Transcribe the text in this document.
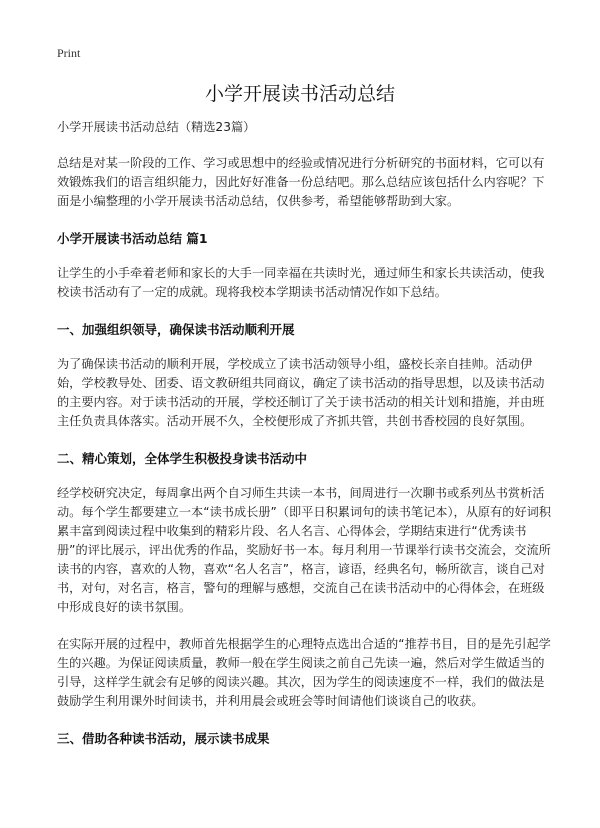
Print
小学开展读书活动总结

小学开展读书活动总结（精选23篇）

总结是对某一阶段的工作、学习或思想中的经验或情况进行分析研究的书面材料，它可以有效锻炼我们的语言组织能力，因此好好准备一份总结吧。那么总结应该包括什么内容呢？下面是小编整理的小学开展读书活动总结，仅供参考，希望能够帮助到大家。

小学开展读书活动总结 篇1

让学生的小手牵着老师和家长的大手一同幸福在共读时光，通过师生和家长共读活动，使我校读书活动有了一定的成就。现将我校本学期读书活动情况作如下总结。

一、加强组织领导，确保读书活动顺利开展

为了确保读书活动的顺利开展，学校成立了读书活动领导小组，盛校长亲自挂帅。活动伊始，学校教导处、团委、语文教研组共同商议，确定了读书活动的指导思想，以及读书活动的主要内容。对于读书活动的开展，学校还制订了关于读书活动的相关计划和措施，并由班主任负责具体落实。活动开展不久，全校便形成了齐抓共管，共创书香校园的良好氛围。

二、精心策划，全体学生积极投身读书活动中

经学校研究决定，每周拿出两个自习师生共读一本书，间周进行一次聊书或系列丛书赏析活动。每个学生都要建立一本“读书成长册”（即平日积累词句的读书笔记本），从原有的好词积累丰富到阅读过程中收集到的精彩片段、名人名言、心得体会，学期结束进行“优秀读书册”的评比展示，评出优秀的作品，奖励好书一本。每月利用一节课举行读书交流会，交流所读书的内容，喜欢的人物，喜欢“名人名言”，格言，谚语，经典名句，畅所欲言，谈自己对书，对句，对名言，格言，警句的理解与感想，交流自己在读书活动中的心得体会，在班级中形成良好的读书氛围。

在实际开展的过程中，教师首先根据学生的心理特点选出合适的“推荐书目，目的是先引起学生的兴趣。为保证阅读质量，教师一般在学生阅读之前自己先读一遍，然后对学生做适当的引导，这样学生就会有足够的阅读兴趣。其次，因为学生的阅读速度不一样，我们的做法是鼓励学生利用课外时间读书，并利用晨会或班会等时间请他们谈谈自己的收获。

三、借助各种读书活动，展示读书成果
